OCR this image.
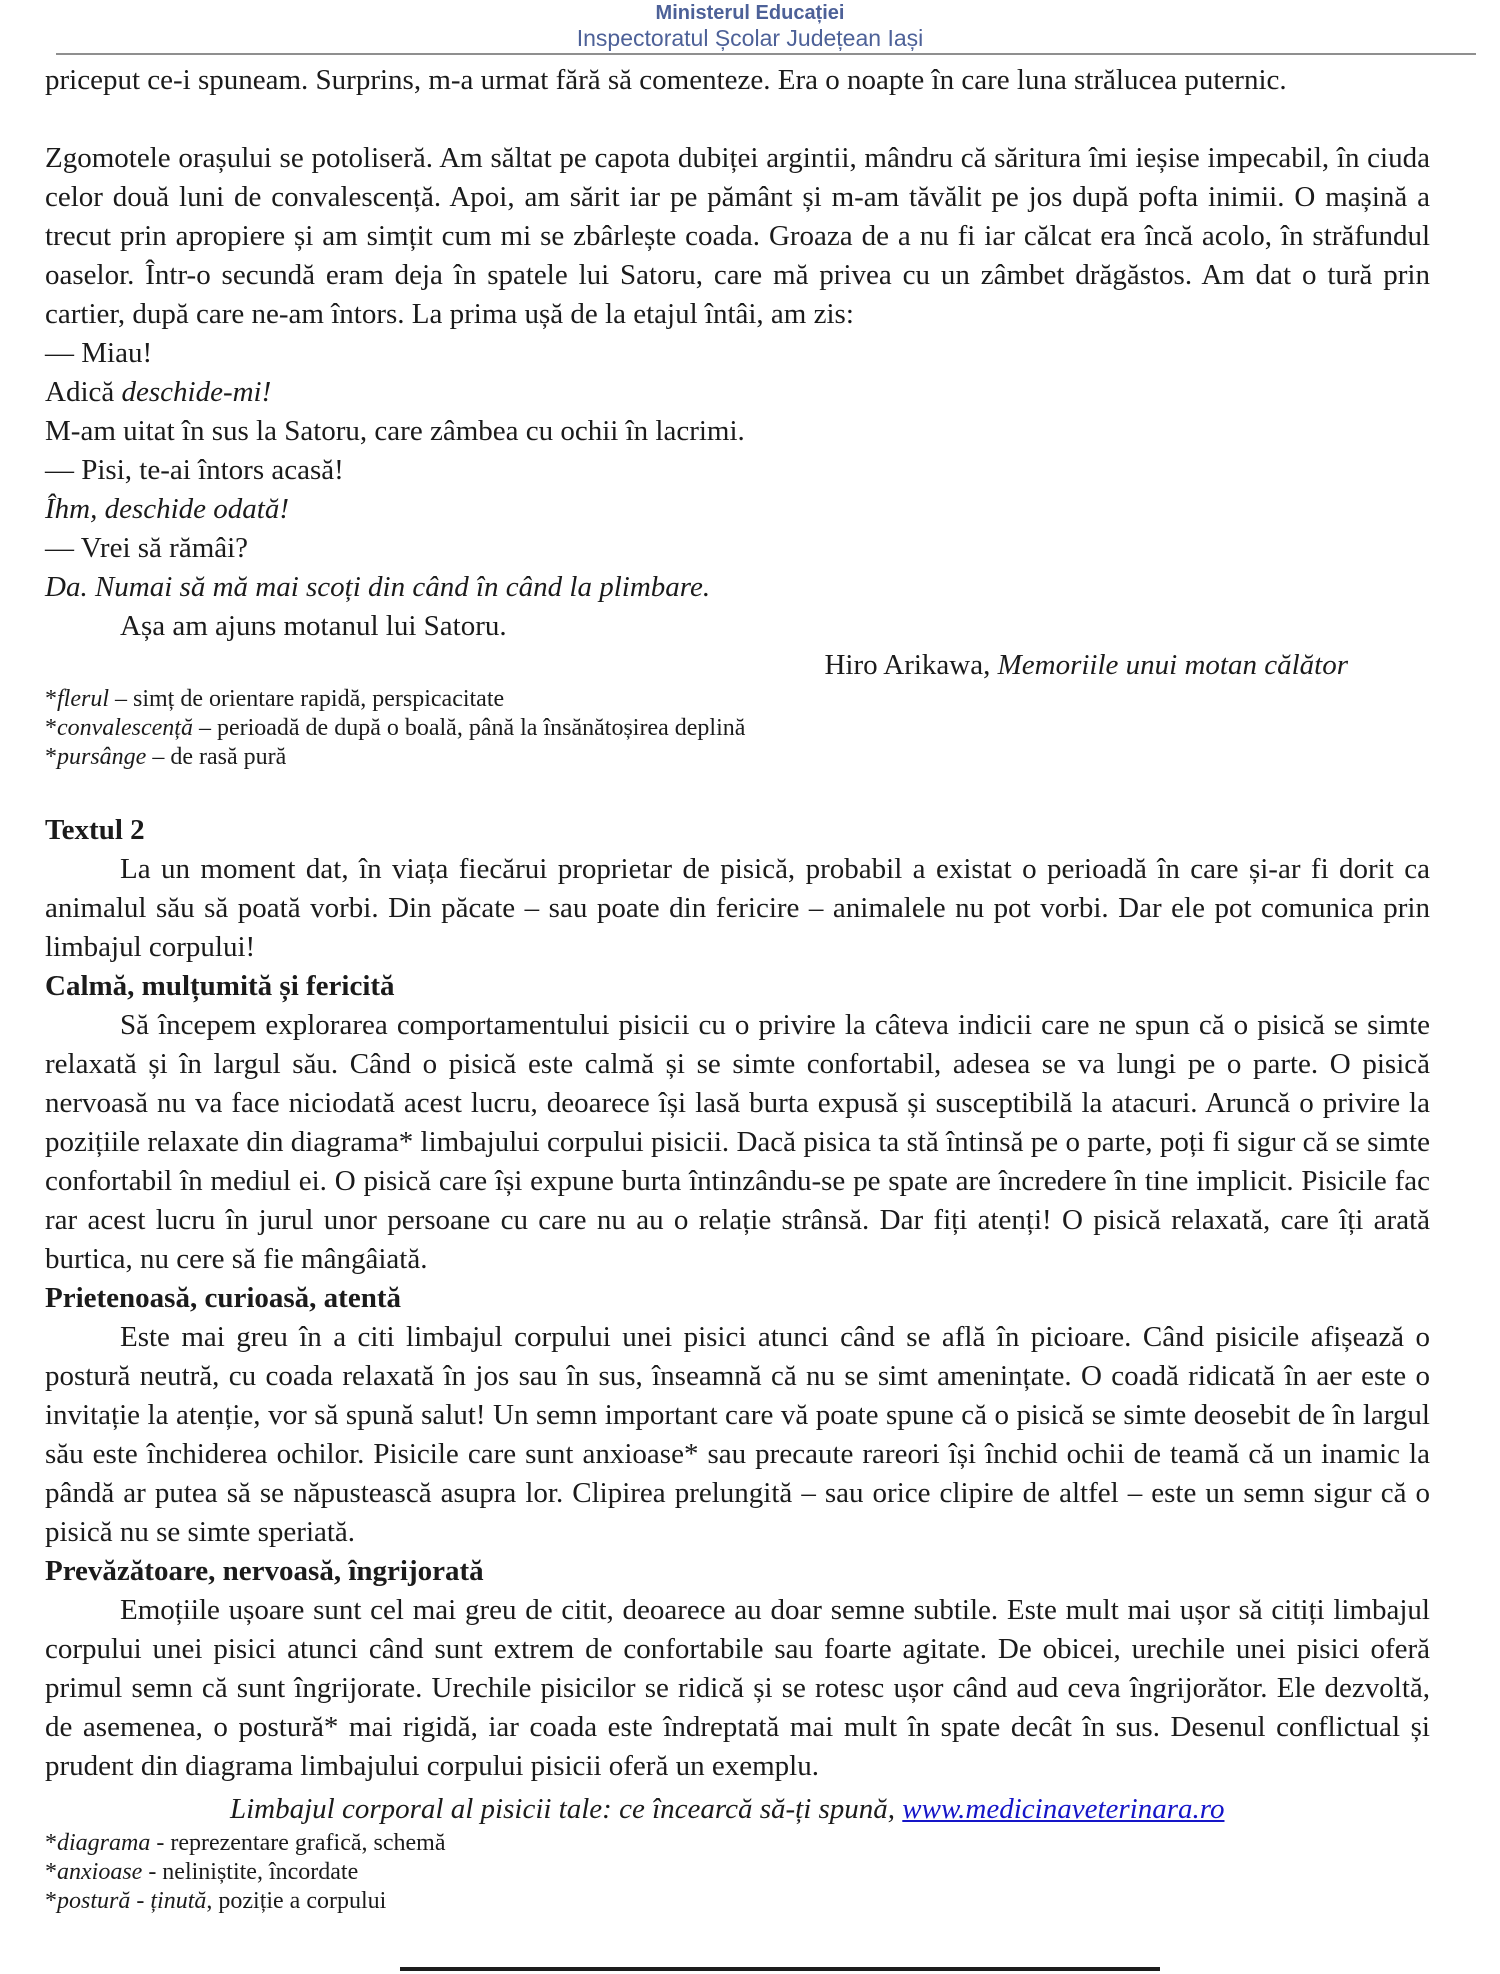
Ministerul Educației
Inspectoratul Școlar Județean Iași
priceput ce-i spuneam. Surprins, m-a urmat fără să comenteze. Era o noapte în care luna strălucea puternic.
Zgomotele orașului se potoliseră. Am săltat pe capota dubiței argintii, mândru că săritura îmi ieșise impecabil, în ciuda celor două luni de convalescență. Apoi, am sărit iar pe pământ și m-am tăvălit pe jos după pofta inimii. O mașină a trecut prin apropiere și am simțit cum mi se zbârlește coada. Groaza de a nu fi iar călcat era încă acolo, în străfundul oaselor. Într-o secundă eram deja în spatele lui Satoru, care mă privea cu un zâmbet drăgăstos. Am dat o tură prin cartier, după care ne-am întors. La prima ușă de la etajul întâi, am zis:
— Miau!
Adică deschide-mi!
M-am uitat în sus la Satoru, care zâmbea cu ochii în lacrimi.
— Pisi, te-ai întors acasă!
Îhm, deschide odată!
— Vrei să rămâi?
Da. Numai să mă mai scoți din când în când la plimbare.
Așa am ajuns motanul lui Satoru.
Hiro Arikawa, Memoriile unui motan călător
*flerul – simț de orientare rapidă, perspicacitate
*convalescență – perioadă de după o boală, până la însănătoșirea deplină
*pursânge – de rasă pură
Textul 2
La un moment dat, în viața fiecărui proprietar de pisică, probabil a existat o perioadă în care și-ar fi dorit ca animalul său să poată vorbi. Din păcate – sau poate din fericire – animalele nu pot vorbi. Dar ele pot comunica prin limbajul corpului!
Calmă, mulțumită și fericită
Să începem explorarea comportamentului pisicii cu o privire la câteva indicii care ne spun că o pisică se simte relaxată și în largul său. Când o pisică este calmă și se simte confortabil, adesea se va lungi pe o parte. O pisică nervoasă nu va face niciodată acest lucru, deoarece își lasă burta expusă și susceptibilă la atacuri. Aruncă o privire la pozițiile relaxate din diagrama* limbajului corpului pisicii. Dacă pisica ta stă întinsă pe o parte, poți fi sigur că se simte confortabil în mediul ei. O pisică care își expune burta întinzându-se pe spate are încredere în tine implicit. Pisicile fac rar acest lucru în jurul unor persoane cu care nu au o relație strânsă. Dar fiți atenți! O pisică relaxată, care îți arată burtica, nu cere să fie mângâiată.
Prietenoasă, curioasă, atentă
Este mai greu în a citi limbajul corpului unei pisici atunci când se află în picioare. Când pisicile afișează o postură neutră, cu coada relaxată în jos sau în sus, înseamnă că nu se simt amenințate. O coadă ridicată în aer este o invitație la atenție, vor să spună salut! Un semn important care vă poate spune că o pisică se simte deosebit de în largul său este închiderea ochilor. Pisicile care sunt anxioase* sau precaute rareori își închid ochii de teamă că un inamic la pândă ar putea să se năpustească asupra lor. Clipirea prelungită – sau orice clipire de altfel – este un semn sigur că o pisică nu se simte speriată.
Prevăzătoare, nervoasă, îngrijorată
Emoțiile ușoare sunt cel mai greu de citit, deoarece au doar semne subtile. Este mult mai ușor să citiți limbajul corpului unei pisici atunci când sunt extrem de confortabile sau foarte agitate. De obicei, urechile unei pisici oferă primul semn că sunt îngrijorate. Urechile pisicilor se ridică și se rotesc ușor când aud ceva îngrijorător. Ele dezvoltă, de asemenea, o postură* mai rigidă, iar coada este îndreptată mai mult în spate decât în sus. Desenul conflictual și prudent din diagrama limbajului corpului pisicii oferă un exemplu.
Limbajul corporal al pisicii tale: ce încearcă să-ți spună, www.medicinaveterinara.ro
*diagrama - reprezentare grafică, schemă
*anxioase - neliniștite, încordate
*postură - ținută, poziție a corpului
